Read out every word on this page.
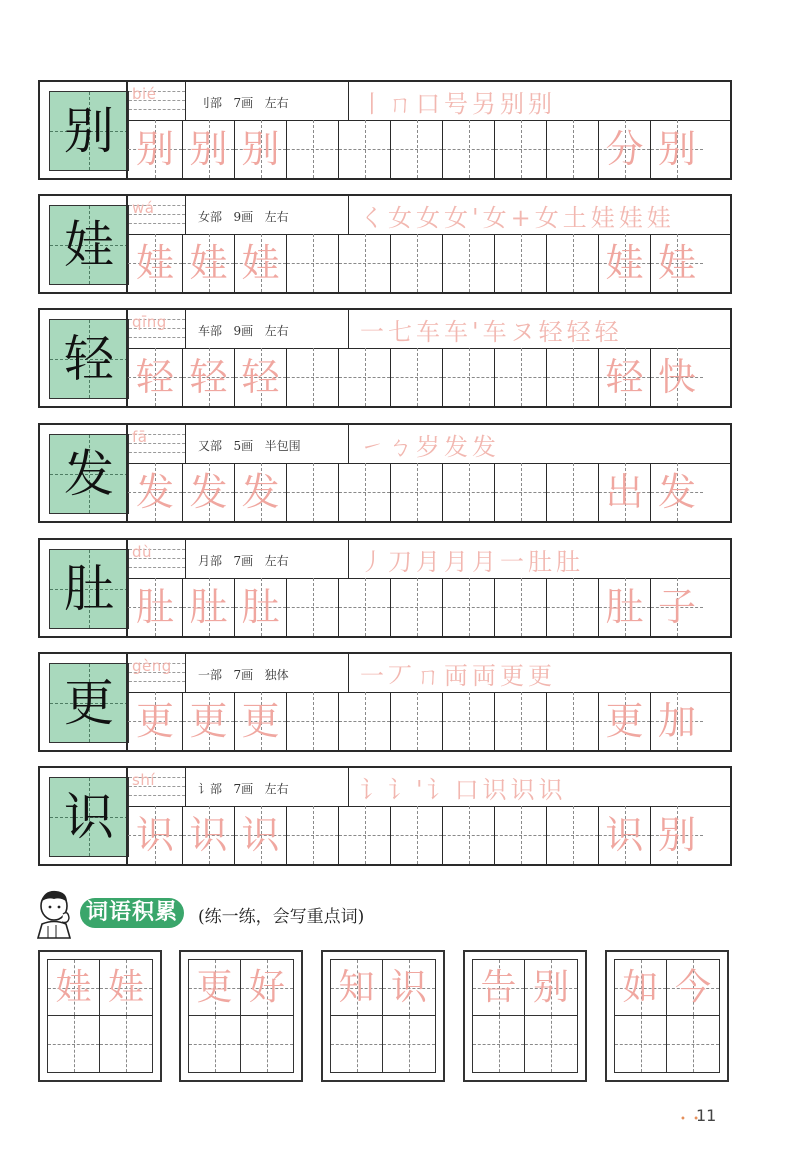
别
bié	刂部 7画 左右	丨ㄇ口号另别别
别 别 别	分 别
娃
wá	女部 9画 左右	く女女女'女+女土娃娃娃
娃 娃 娃	娃 娃
轻
qīng	车部 9画 左右	一七车车'车ヌ轻轻轻
轻 轻 轻	轻 快
发
fā	又部 5画 半包围	㇀ㄅ岁发发
发 发 发	出 发
肚
dù	月部 7画 左右	丿刀月月月一肚肚
肚 肚 肚	肚 子
更
gèng 一部 7画 独体	一丆ㄇ両両更更
更 更 更	更 加
识
shí	讠部 7画 左右	讠讠'讠口识识识
识 识 识	识 别
词语积累	(练一练，会写重点词)
娃 娃 更 好 知 识 告 别 如 今
• •
11
